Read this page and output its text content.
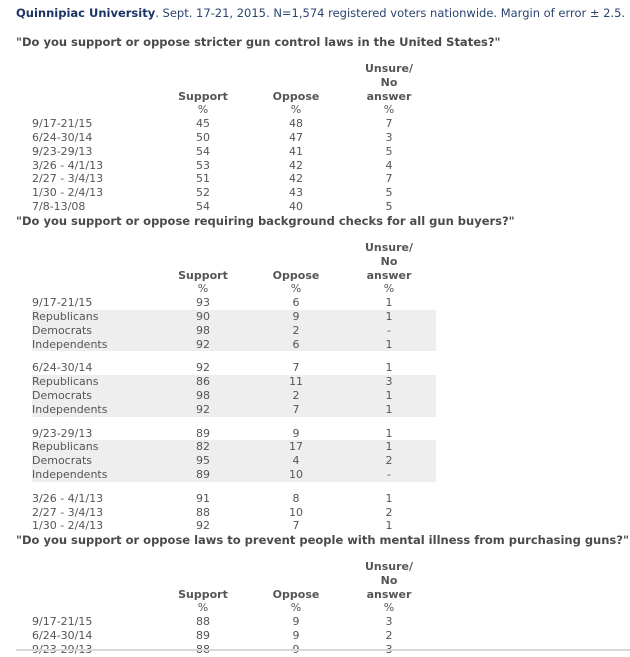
Quinnipiac University. Sept. 17-21, 2015. N=1,574 registered voters nationwide. Margin of error ± 2.5.
"Do you support or oppose stricter gun control laws in the United States?"
			Unsure/	
	Support	Oppose	No answer	
	%	%	%	
9/17-21/15	45	48	7	
6/24-30/14	50	47	3	
9/23-29/13	54	41	5	
3/26 - 4/1/13	53	42	4	
2/27 - 3/4/13	51	42	7	
1/30 - 2/4/13	52	43	5	
7/8-13/08	54	40	5	
"Do you support or oppose requiring background checks for all gun buyers?"
			Unsure/	
	Support	Oppose	No answer	
	%	%	%	
9/17-21/15	93	6	1	
Republicans	90	9	1	
Democrats	98	2	-	
Independents	92	6	1	

6/24-30/14	92	7	1	
Republicans	86	11	3	
Democrats	98	2	1	
Independents	92	7	1	

9/23-29/13	89	9	1	
Republicans	82	17	1	
Democrats	95	4	2	
Independents	89	10	-	

3/26 - 4/1/13	91	8	1	
2/27 - 3/4/13	88	10	2	
1/30 - 2/4/13	92	7	1	
"Do you support or oppose laws to prevent people with mental illness from purchasing guns?"
			Unsure/	
	Support	Oppose	No answer	
	%	%	%	
9/17-21/15	88	9	3	
6/24-30/14	89	9	2	
